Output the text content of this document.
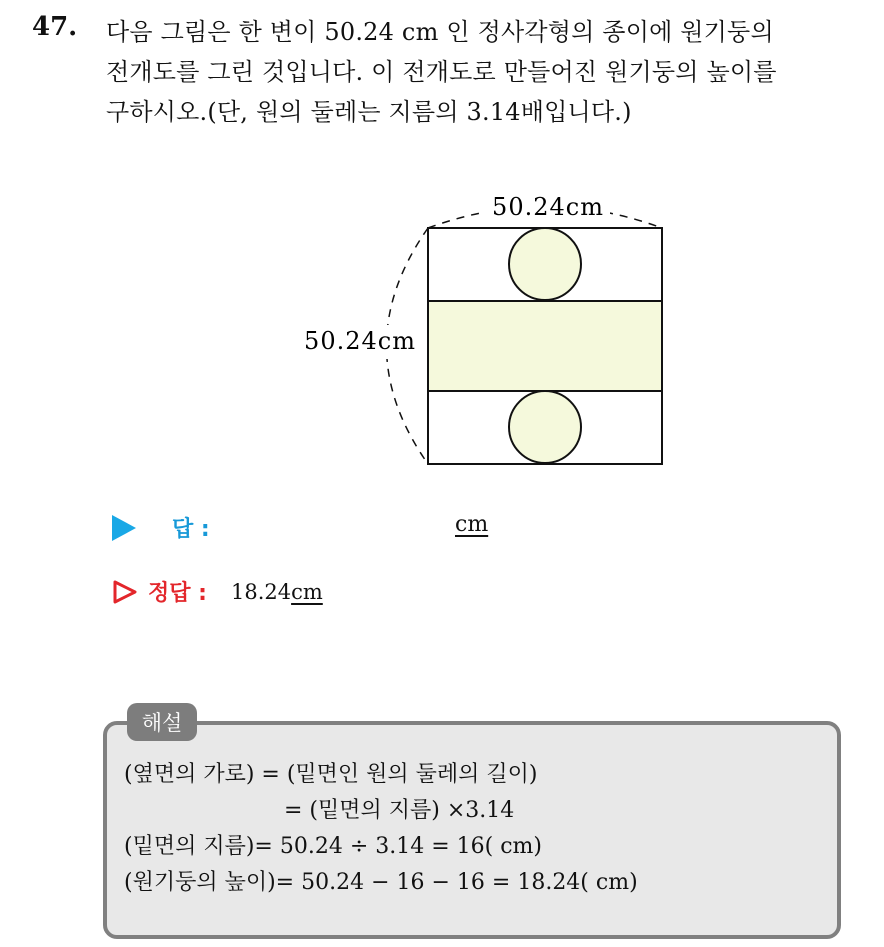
47. 다음 그림은 한 변이 50.24 cm 인 정사각형의 종이에 원기둥의
전개도를 그린 것입니다. 이 전개도로 만들어진 원기둥의 높이를
구하시오.(단, 원의 둘레는 지름의 3.14배입니다.)
50.24cm
50.24cm
답 :	cm
정답 : 18.24 cm
해설
(옆면의 가로) = (밑면인 원의 둘레의 길이)
= (밑면의 지름) ×3.14
(밑면의 지름)= 50.24 ÷ 3.14 = 16( cm)
(원기둥의 높이)= 50.24 − 16 − 16 = 18.24( cm)
